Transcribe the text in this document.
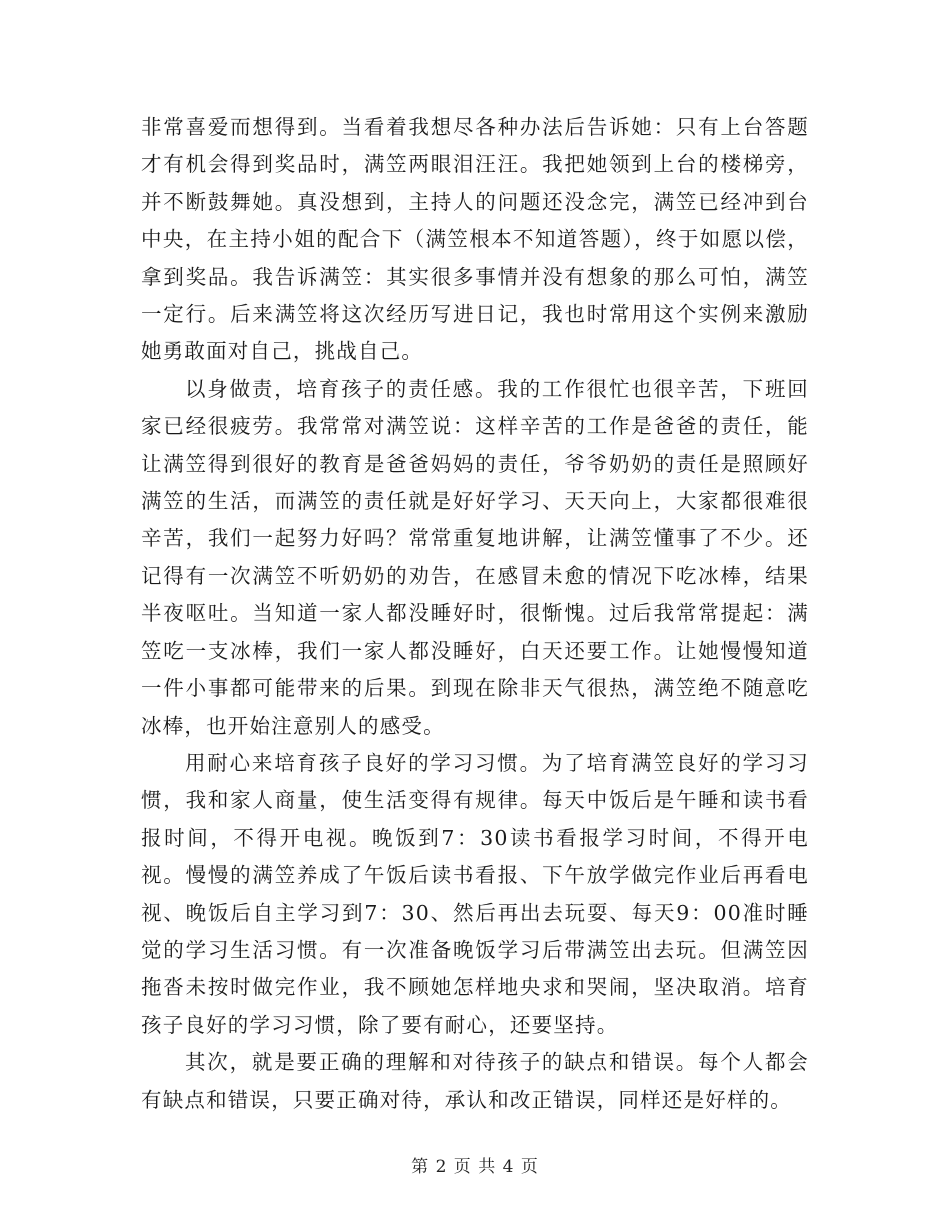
非常喜爱而想得到。当看着我想尽各种办法后告诉她：只有上台答题才有机会得到奖品时，满笠两眼泪汪汪。我把她领到上台的楼梯旁，并不断鼓舞她。真没想到，主持人的问题还没念完，满笠已经冲到台中央，在主持小姐的配合下（满笠根本不知道答题），终于如愿以偿，拿到奖品。我告诉满笠：其实很多事情并没有想象的那么可怕，满笠一定行。后来满笠将这次经历写进日记，我也时常用这个实例来激励她勇敢面对自己，挑战自己。

以身做责，培育孩子的责任感。我的工作很忙也很辛苦，下班回家已经很疲劳。我常常对满笠说：这样辛苦的工作是爸爸的责任，能让满笠得到很好的教育是爸爸妈妈的责任，爷爷奶奶的责任是照顾好满笠的生活，而满笠的责任就是好好学习、天天向上，大家都很难很辛苦，我们一起努力好吗？常常重复地讲解，让满笠懂事了不少。还记得有一次满笠不听奶奶的劝告，在感冒未愈的情况下吃冰棒，结果半夜呕吐。当知道一家人都没睡好时，很惭愧。过后我常常提起：满笠吃一支冰棒，我们一家人都没睡好，白天还要工作。让她慢慢知道一件小事都可能带来的后果。到现在除非天气很热，满笠绝不随意吃冰棒，也开始注意别人的感受。

用耐心来培育孩子良好的学习习惯。为了培育满笠良好的学习习惯，我和家人商量，使生活变得有规律。每天中饭后是午睡和读书看报时间，不得开电视。晚饭到7：30读书看报学习时间，不得开电视。慢慢的满笠养成了午饭后读书看报、下午放学做完作业后再看电视、晚饭后自主学习到7：30、然后再出去玩耍、每天9：00准时睡觉的学习生活习惯。有一次准备晚饭学习后带满笠出去玩。但满笠因拖沓未按时做完作业，我不顾她怎样地央求和哭闹，坚决取消。培育孩子良好的学习习惯，除了要有耐心，还要坚持。

其次，就是要正确的理解和对待孩子的缺点和错误。每个人都会有缺点和错误，只要正确对待，承认和改正错误，同样还是好样的。

第 2 页 共 4 页
